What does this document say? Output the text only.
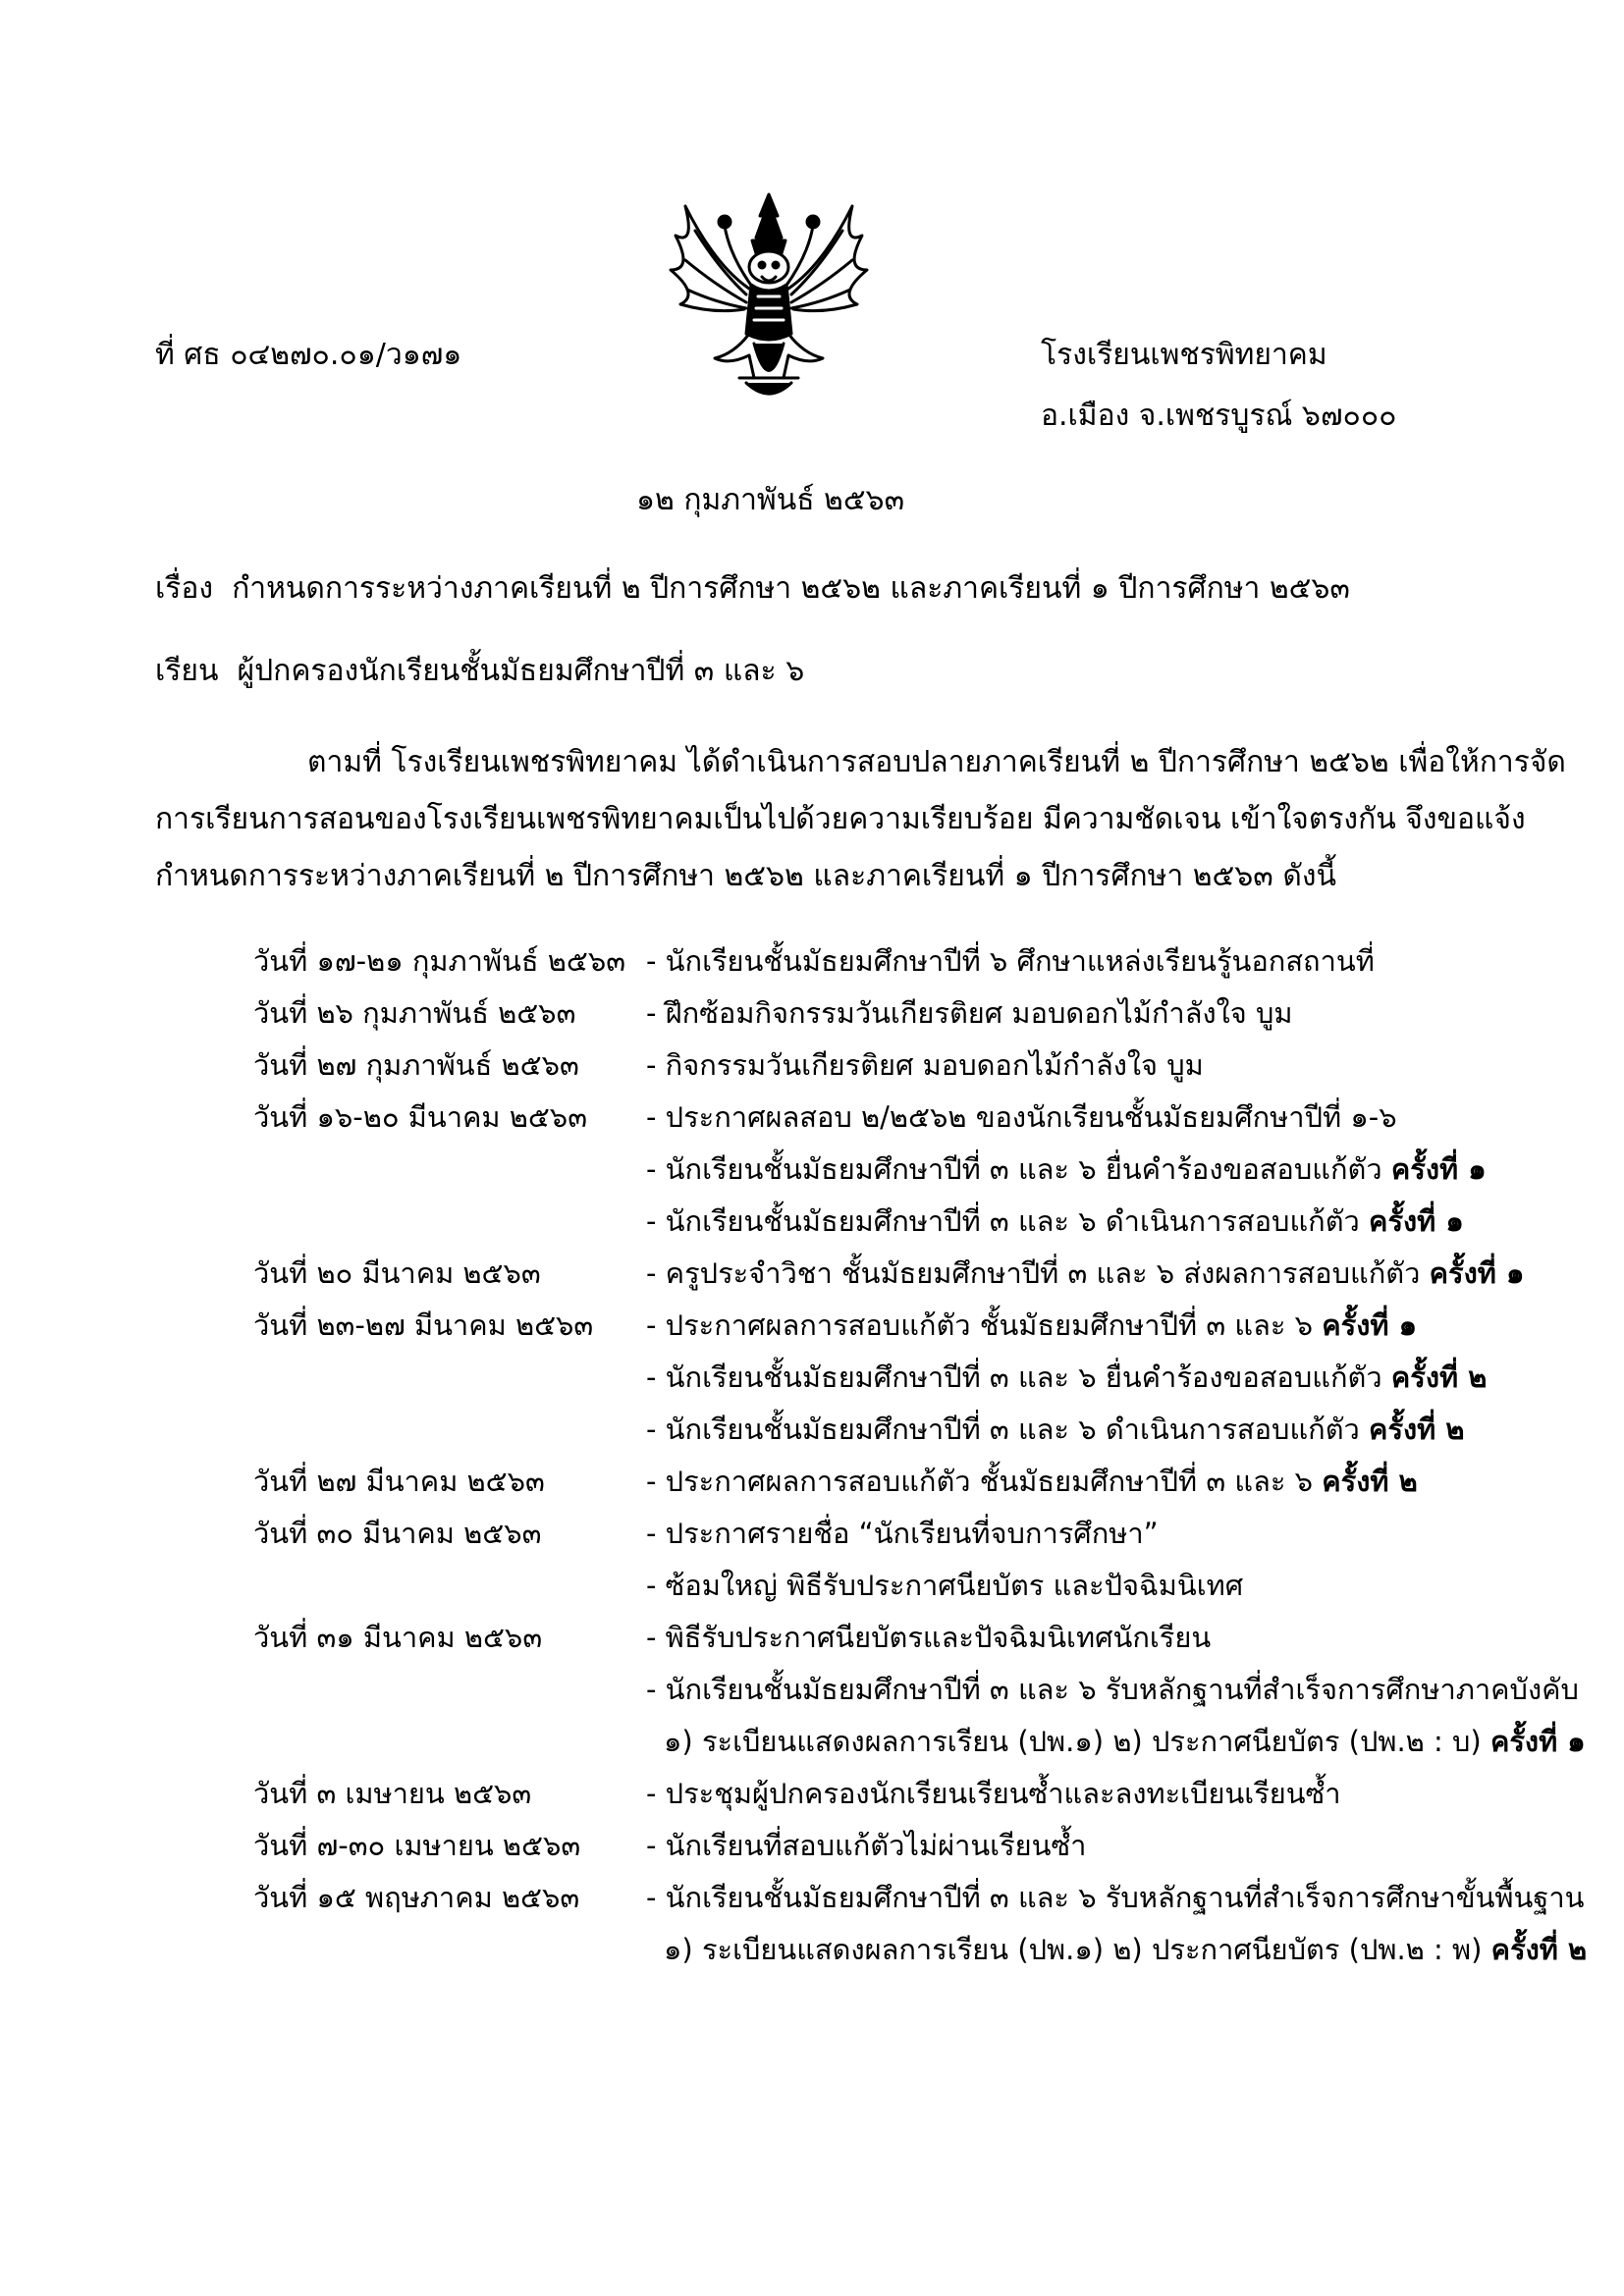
ที่ ศธ ๐๔๒๗๐.๐๑/ว๑๗๑	โรงเรียนเพชรพิทยาคม
อ.เมือง จ.เพชรบูรณ์ ๖๗๐๐๐
๑๒ กุมภาพันธ์ ๒๕๖๓
เรื่อง กำหนดการระหว่างภาคเรียนที่ ๒ ปีการศึกษา ๒๕๖๒ และภาคเรียนที่ ๑ ปีการศึกษา ๒๕๖๓
เรียน ผู้ปกครองนักเรียนชั้นมัธยมศึกษาปีที่ ๓ และ ๖
ตามที่ โรงเรียนเพชรพิทยาคม ได้ดำเนินการสอบปลายภาคเรียนที่ ๒ ปีการศึกษา ๒๕๖๒ เพื่อให้การจัด
การเรียนการสอนของโรงเรียนเพชรพิทยาคมเป็นไปด้วยความเรียบร้อย มีความชัดเจน เข้าใจตรงกัน จึงขอแจ้ง
กำหนดการระหว่างภาคเรียนที่ ๒ ปีการศึกษา ๒๕๖๒ และภาคเรียนที่ ๑ ปีการศึกษา ๒๕๖๓ ดังนี้
วันที่ ๑๗-๒๑ กุมภาพันธ์ ๒๕๖๓ - นักเรียนชั้นมัธยมศึกษาปีที่ ๖ ศึกษาแหล่งเรียนรู้นอกสถานที่
วันที่ ๒๖ กุมภาพันธ์ ๒๕๖๓	- ฝึกซ้อมกิจกรรมวันเกียรติยศ มอบดอกไม้กำลังใจ บูม
วันที่ ๒๗ กุมภาพันธ์ ๒๕๖๓	- กิจกรรมวันเกียรติยศ มอบดอกไม้กำลังใจ บูม
วันที่ ๑๖-๒๐ มีนาคม ๒๕๖๓	- ประกาศผลสอบ ๒/๒๕๖๒ ของนักเรียนชั้นมัธยมศึกษาปีที่ ๑-๖
- นักเรียนชั้นมัธยมศึกษาปีที่ ๓ และ ๖ ยื่นคำร้องขอสอบแก้ตัว ครั้งที่ ๑
- นักเรียนชั้นมัธยมศึกษาปีที่ ๓ และ ๖ ดำเนินการสอบแก้ตัว ครั้งที่ ๑
วันที่ ๒๐ มีนาคม ๒๕๖๓	- ครูประจำวิชา ชั้นมัธยมศึกษาปีที่ ๓ และ ๖ ส่งผลการสอบแก้ตัว ครั้งที่ ๑
วันที่ ๒๓-๒๗ มีนาคม ๒๕๖๓	- ประกาศผลการสอบแก้ตัว ชั้นมัธยมศึกษาปีที่ ๓ และ ๖ ครั้งที่ ๑
- นักเรียนชั้นมัธยมศึกษาปีที่ ๓ และ ๖ ยื่นคำร้องขอสอบแก้ตัว ครั้งที่ ๒
- นักเรียนชั้นมัธยมศึกษาปีที่ ๓ และ ๖ ดำเนินการสอบแก้ตัว ครั้งที่ ๒
วันที่ ๒๗ มีนาคม ๒๕๖๓	- ประกาศผลการสอบแก้ตัว ชั้นมัธยมศึกษาปีที่ ๓ และ ๖ ครั้งที่ ๒
วันที่ ๓๐ มีนาคม ๒๕๖๓	- ประกาศรายชื่อ “นักเรียนที่จบการศึกษา”
- ซ้อมใหญ่ พิธีรับประกาศนียบัตร และปัจฉิมนิเทศ
วันที่ ๓๑ มีนาคม ๒๕๖๓	- พิธีรับประกาศนียบัตรและปัจฉิมนิเทศนักเรียน
- นักเรียนชั้นมัธยมศึกษาปีที่ ๓ และ ๖ รับหลักฐานที่สำเร็จการศึกษาภาคบังคับ
๑) ระเบียนแสดงผลการเรียน (ปพ.๑) ๒) ประกาศนียบัตร (ปพ.๒ : บ) ครั้งที่ ๑
วันที่ ๓ เมษายน ๒๕๖๓	- ประชุมผู้ปกครองนักเรียนเรียนซ้ำและลงทะเบียนเรียนซ้ำ
วันที่ ๗-๓๐ เมษายน ๒๕๖๓	- นักเรียนที่สอบแก้ตัวไม่ผ่านเรียนซ้ำ
วันที่ ๑๕ พฤษภาคม ๒๕๖๓	- นักเรียนชั้นมัธยมศึกษาปีที่ ๓ และ ๖ รับหลักฐานที่สำเร็จการศึกษาขั้นพื้นฐาน
๑) ระเบียนแสดงผลการเรียน (ปพ.๑) ๒) ประกาศนียบัตร (ปพ.๒ : พ) ครั้งที่ ๒
